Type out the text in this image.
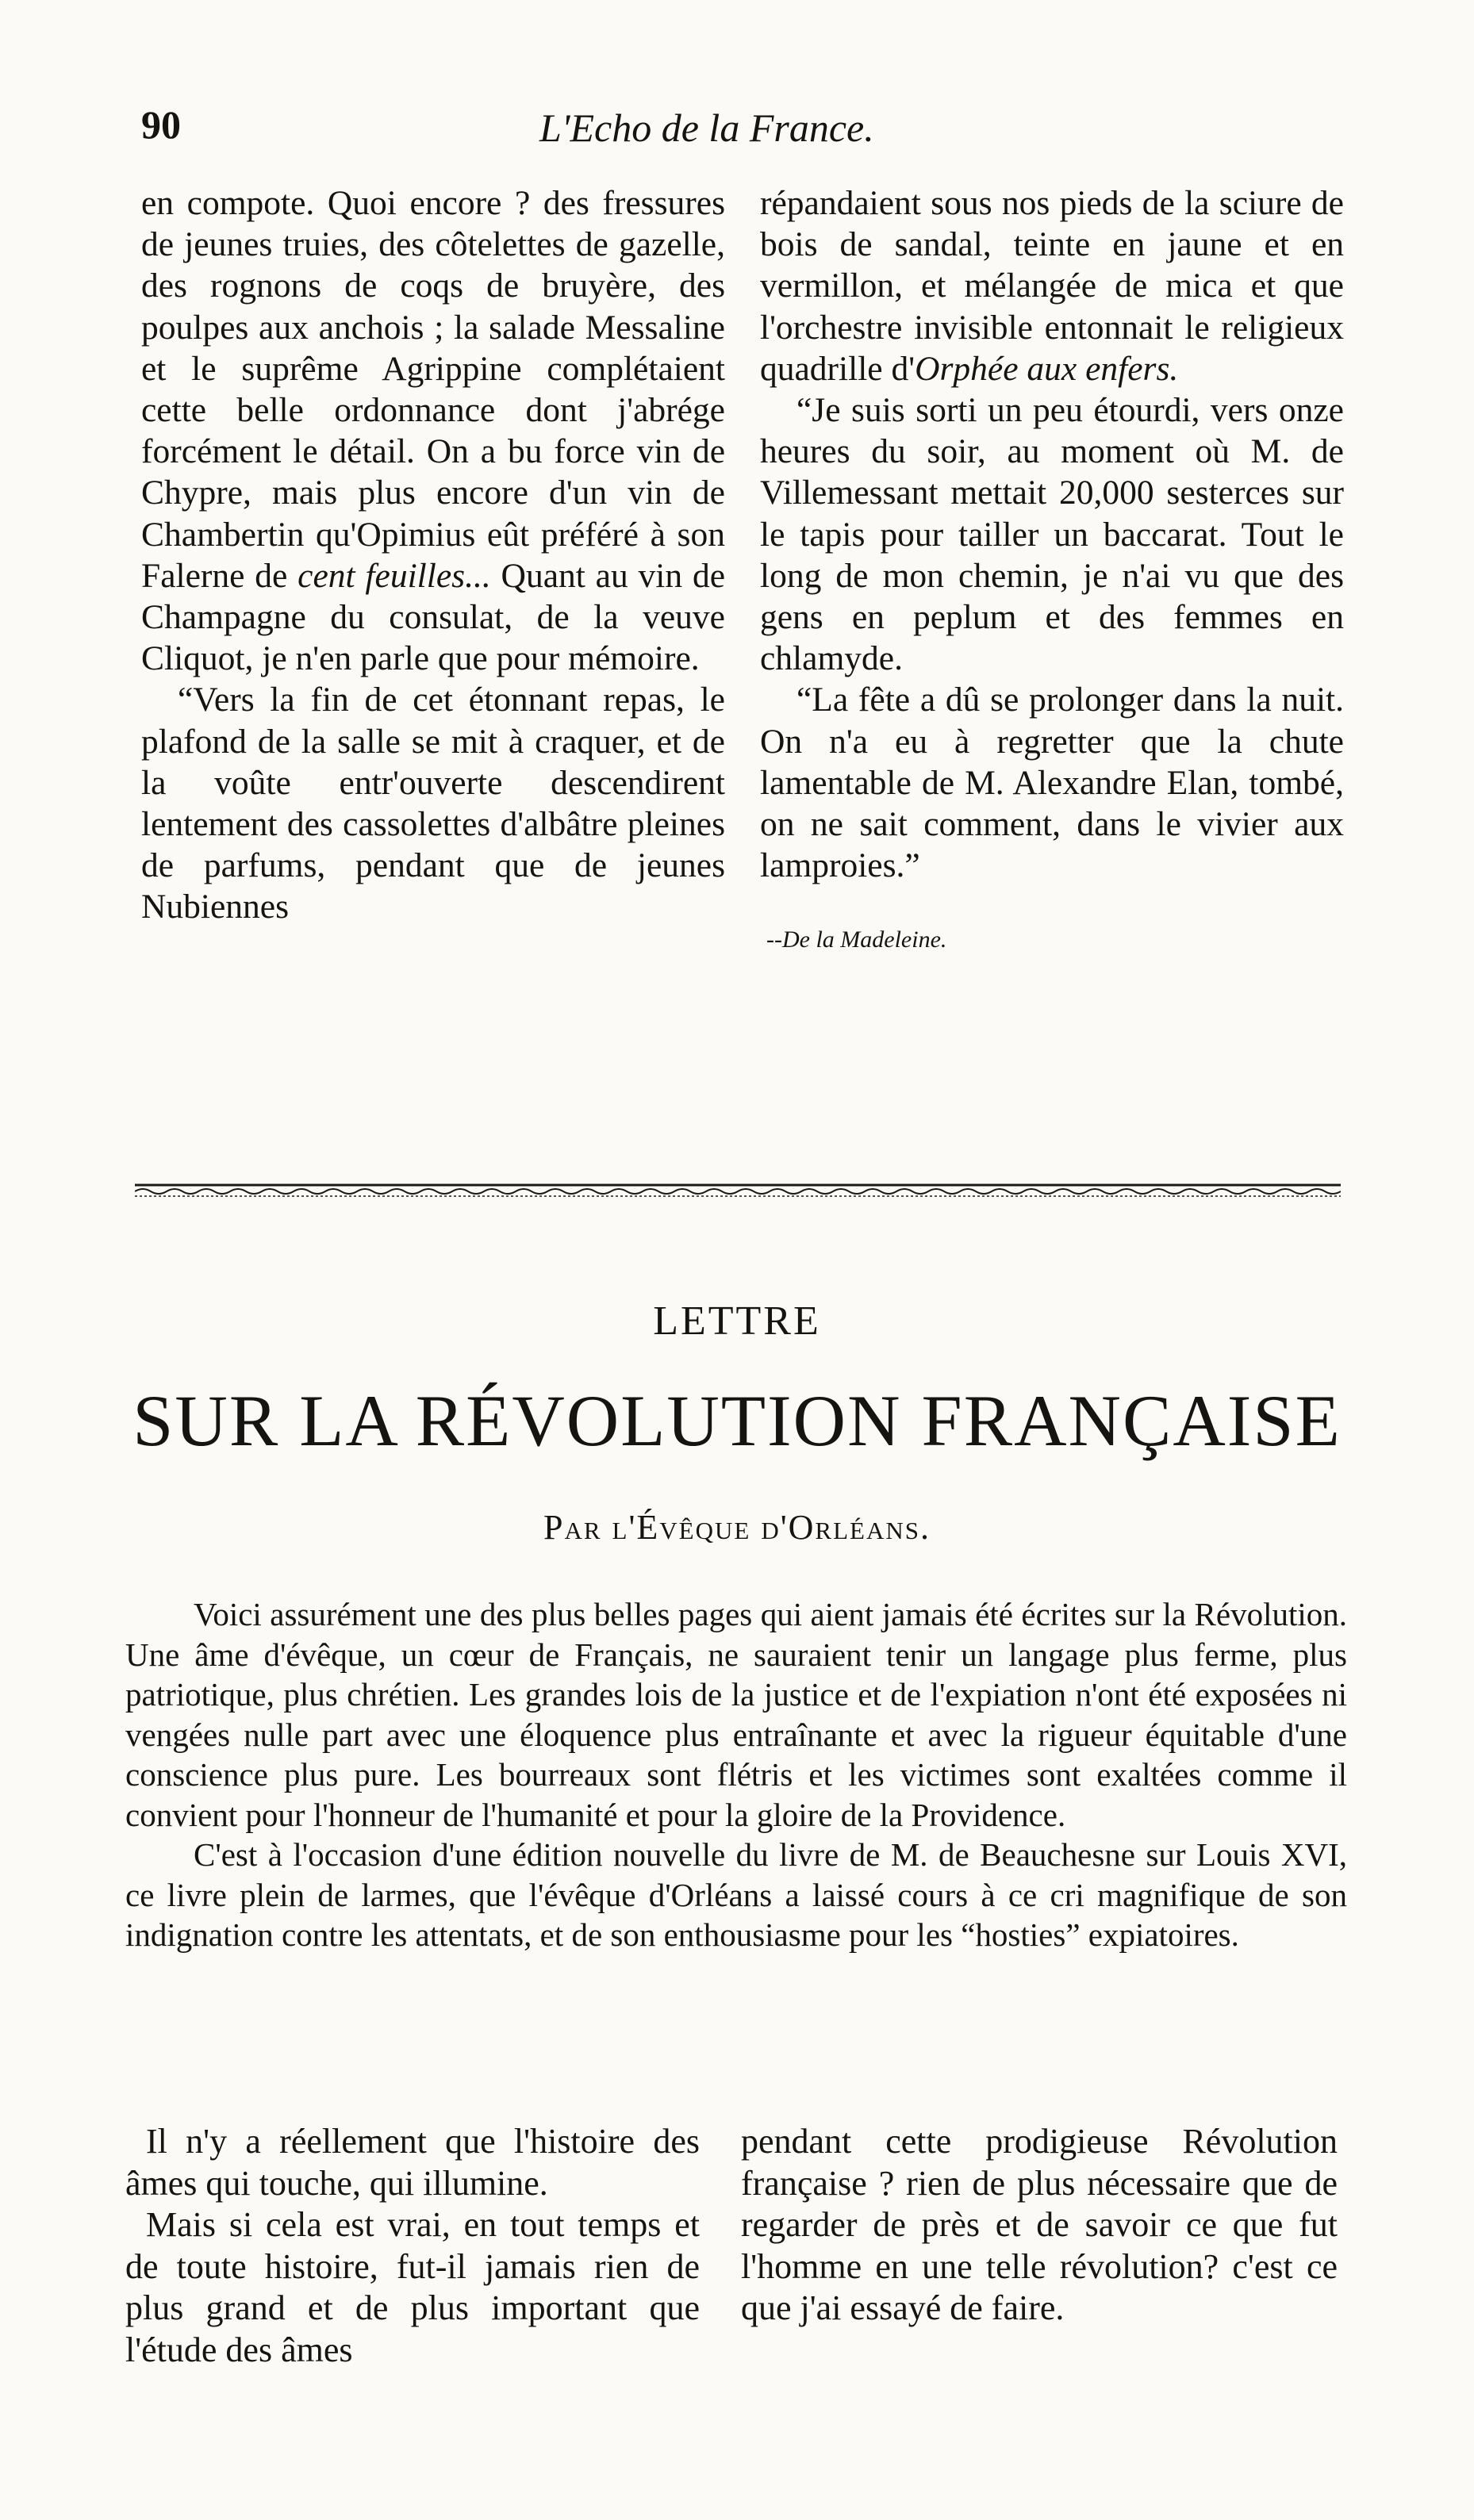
90	L'Echo de la France.

en compote. Quoi encore ? des fressures de jeunes truies, des côtelettes de gazelle, des rognons de coqs de bruyère, des poulpes aux anchois ; la salade Messaline et le suprême Agrippine complétaient cette belle ordonnance dont j'abrége forcément le détail. On a bu force vin de Chypre, mais plus encore d'un vin de Chambertin qu'Opimius eût préféré à son Falerne de cent feuilles... Quant au vin de Champagne du consulat, de la veuve Cliquot, je n'en parle que pour mémoire.

“Vers la fin de cet étonnant repas, le plafond de la salle se mit à craquer, et de la voûte entr'ouverte descendirent lentement des cassolettes d'albâtre pleines de parfums, pendant que de jeunes Nubiennes

répandaient sous nos pieds de la sciure de bois de sandal, teinte en jaune et en vermillon, et mélangée de mica et que l'orchestre invisible entonnait le religieux quadrille d'Orphée aux enfers.

“Je suis sorti un peu étourdi, vers onze heures du soir, au moment où M. de Villemessant mettait 20,000 sesterces sur le tapis pour tailler un baccarat. Tout le long de mon chemin, je n'ai vu que des gens en peplum et des femmes en chlamyde.

“La fête a dû se prolonger dans la nuit. On n'a eu à regretter que la chute lamentable de M. Alexandre Elan, tombé, on ne sait comment, dans le vivier aux lamproies.”

--De la Madeleine.

LETTRE
SUR LA RÉVOLUTION FRANÇAISE
Par l'Évêque d'Orléans.

Voici assurément une des plus belles pages qui aient jamais été écrites sur la Révolution. Une âme d'évêque, un cœur de Français, ne sauraient tenir un langage plus ferme, plus patriotique, plus chrétien. Les grandes lois de la justice et de l'expiation n'ont été exposées ni vengées nulle part avec une éloquence plus entraînante et avec la rigueur équitable d'une conscience plus pure. Les bourreaux sont flétris et les victimes sont exaltées comme il convient pour l'honneur de l'humanité et pour la gloire de la Providence.

C'est à l'occasion d'une édition nouvelle du livre de M. de Beauchesne sur Louis XVI, ce livre plein de larmes, que l'évêque d'Orléans a laissé cours à ce cri magnifique de son indignation contre les attentats, et de son enthousiasme pour les “hosties” expiatoires.

Il n'y a réellement que l'histoire des âmes qui touche, qui illumine.

Mais si cela est vrai, en tout temps et de toute histoire, fut-il jamais rien de plus grand et de plus important que l'étude des âmes

pendant cette prodigieuse Révolution française ? rien de plus nécessaire que de regarder de près et de savoir ce que fut l'homme en une telle révolution? c'est ce que j'ai essayé de faire.
